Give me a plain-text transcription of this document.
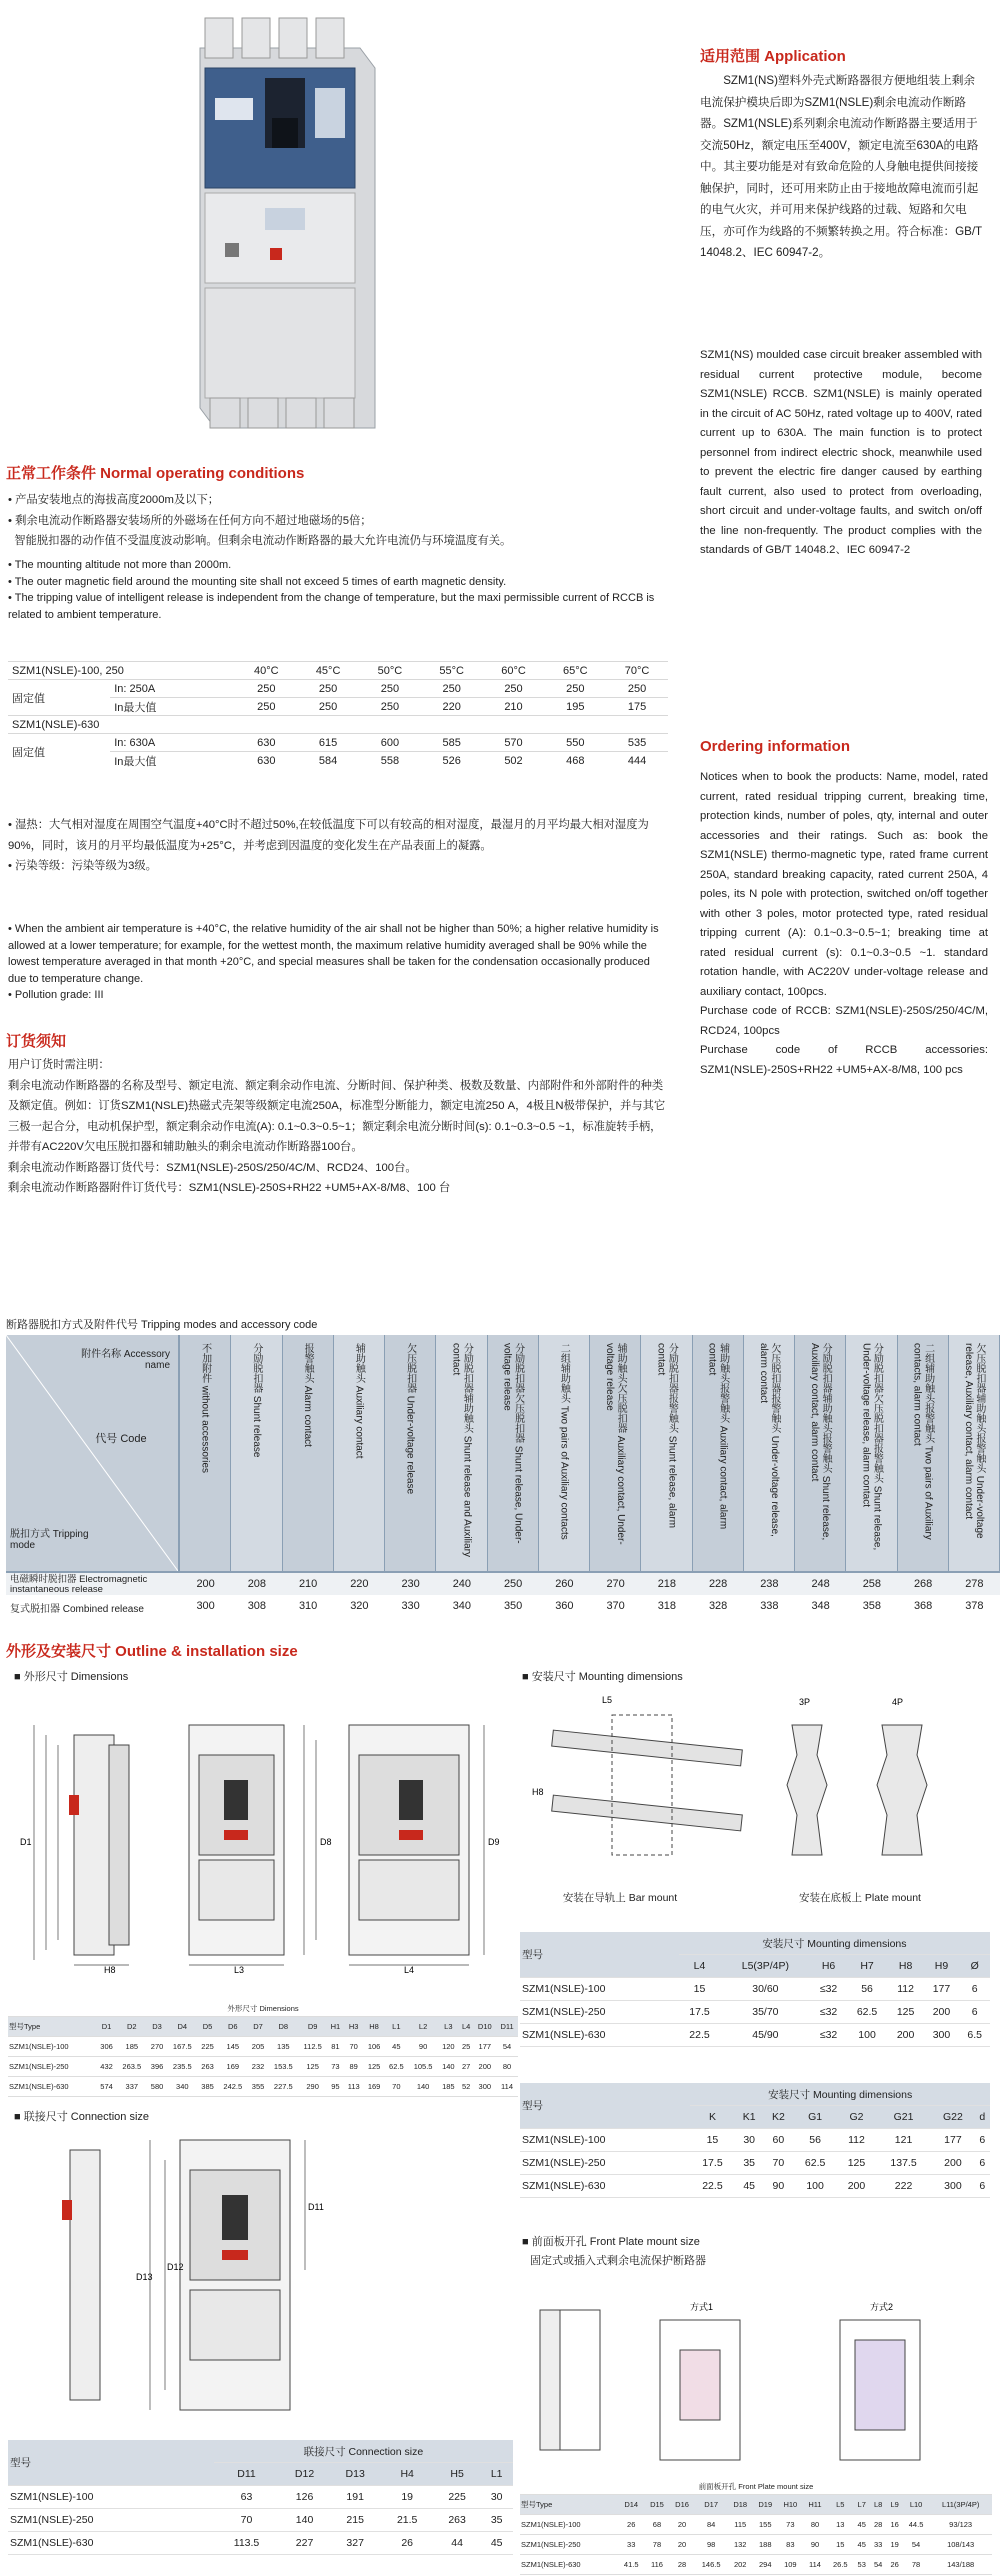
适用范围 Application
SZM1(NS)塑料外壳式断路器很方便地组装上剩余电流保护模块后即为SZM1(NSLE)剩余电流动作断路器。SZM1(NSLE)系列剩余电流动作断路器主要适用于交流50Hz，额定电压至400V，额定电流至630A的电路中。其主要功能是对有致命危险的人身触电提供间接接触保护，同时，还可用来防止由于接地故障电流而引起的电气火灾，并可用来保护线路的过载、短路和欠电压，亦可作为线路的不频繁转换之用。符合标准：GB/T 14048.2、IEC 60947-2。
SZM1(NS) moulded case circuit breaker assembled with residual current protective module, become SZM1(NSLE) RCCB. SZM1(NSLE) is mainly operated in the circuit of AC 50Hz, rated voltage up to 400V, rated current up to 630A. The main function is to protect personnel from indirect electric shock, meanwhile used to prevent the electric fire danger caused by earthing fault current, also used to protect from overloading, short circuit and under-voltage faults, and switch on/off the line non-frequently. The product complies with the standards of GB/T 14048.2、IEC 60947-2
正常工作条件 Normal operating conditions
• 产品安装地点的海拔高度2000m及以下；
• 剩余电流动作断路器安装场所的外磁场在任何方向不超过地磁场的5倍；
智能脱扣器的动作值不受温度波动影响。但剩余电流动作断路器的最大允许电流仍与环境温度有关。
• The mounting altitude not more than 2000m.
• The outer magnetic field around the mounting site shall not exceed 5 times of earth magnetic density.
• The tripping value of intelligent release is independent from the change of temperature, but the maxi permissible current of RCCB is related to ambient temperature.
SZM1(NSLE)-100, 250		40°C	45°C	50°C	55°C	60°C	65°C	70°C
固定值	In: 250A	250	250	250	250	250	250	250
	In最大值	250	250	250	220	210	195	175
SZM1(NSLE)-630								
固定值	In: 630A	630	615	600	585	570	550	535
	In最大值	630	584	558	526	502	468	444
• 湿热：大气相对湿度在周围空气温度+40°C时不超过50%,在较低温度下可以有较高的相对湿度，最湿月的月平均最大相对湿度为90%，同时，该月的月平均最低温度为+25°C，并考虑到因温度的变化发生在产品表面上的凝露。
• 污染等级：污染等级为3级。
• When the ambient air temperature is +40°C, the relative humidity of the air shall not be higher than 50%; a higher relative humidity is allowed at a lower temperature; for example, for the wettest month, the maximum relative humidity averaged shall be 90% while the lowest temperature averaged in that month +20°C, and special measures shall be taken for the condensation occasionally produced due to temperature change.
• Pollution grade: III
订货须知
用户订货时需注明：
剩余电流动作断路器的名称及型号、额定电流、额定剩余动作电流、分断时间、保护种类、极数及数量、内部附件和外部附件的种类及额定值。例如：订货SZM1(NSLE)热磁式壳架等级额定电流250A，标准型分断能力，额定电流250 A，4极且N极带保护，并与其它三极一起合分，电动机保护型，额定剩余动作电流(A): 0.1~0.3~0.5~1；额定剩余电流分断时间(s): 0.1~0.3~0.5 ~1，标准旋转手柄，并带有AC220V欠电压脱扣器和辅助触头的剩余电流动作断路器100台。
剩余电流动作断路器订货代号：SZM1(NSLE)-250S/250/4C/M、RCD24、100台。
剩余电流动作断路器附件订货代号：SZM1(NSLE)-250S+RH22 +UM5+AX-8/M8、100 台
Ordering information
Notices when to book the products: Name, model, rated current, rated residual tripping current, breaking time, protection kinds, number of poles, qty, internal and outer accessories and their ratings. Such as: book the SZM1(NSLE) thermo-magnetic type, rated frame current 250A, standard breaking capacity, rated current 250A, 4 poles, its N pole with protection, switched on/off together with other 3 poles, motor protected type, rated residual tripping current (A): 0.1~0.3~0.5~1; breaking time at rated residual current (s): 0.1~0.3~0.5 ~1. standard rotation handle, with AC220V under-voltage release and auxiliary contact, 100pcs.
Purchase code of RCCB: SZM1(NSLE)-250S/250/4C/M, RCD24, 100pcs
Purchase code of RCCB accessories: SZM1(NSLE)-250S+RH22 +UM5+AX-8/M8, 100 pcs
断路器脱扣方式及附件代号 Tripping modes and accessory code
附件名称 Accessory name
代号 Code
脱扣方式 Tripping mode
不加附件 without accessories	分励脱扣器 Shunt release	报警触头 Alarm contact	辅助触头 Auxiliary contact	欠压脱扣器 Under-voltage release	分励脱扣器辅助触头 Shunt release and Auxiliary contact	分励脱扣器欠压脱扣器 Shunt release, Under-voltage release	二组辅助触头 Two pairs of Auxiliary contacts	辅助触头欠压脱扣器 Auxiliary contact, Under-voltage release	分励脱扣器报警触头 Shunt release, alarm contact	辅助触头报警触头 Auxiliary contact, alarm contact	欠压脱扣器报警触头 Under-voltage release, alarm contact	分励脱扣器辅助触头报警触头 Shunt release, Auxiliary contact, alarm contact	分励脱扣器欠压脱扣器报警触头 Shunt release, Under-voltage release, alarm contact	二组辅助触头报警触头 Two pairs of Auxiliary contacts, alarm contact	欠压脱扣器辅助触头报警触头 Under-voltage release, Auxiliary contact, alarm contact
电磁瞬时脱扣器 Electromagnetic instantaneous release	200	208	210	220	230	240	250	260	270	218	228	238	248	258	268	278
复式脱扣器 Combined release	300	308	310	320	330	340	350	360	370	318	328	338	348	358	368	378
外形及安装尺寸 Outline & installation size
■ 外形尺寸 Dimensions	■ 安装尺寸 Mounting dimensions
D1
H8	L3	L4
D8	D9
外形尺寸 Dimensions																		
型号Type	D1	D2	D3	D4	D5	D6	D7	D8	D9	H1	H3	H8	L1	L2	L3	L4	D10	D11
SZM1(NSLE)-100	306	185	270	167.5	225	145	205	135	112.5	81	70	106	45	90	120	25	177	54
SZM1(NSLE)-250	432	263.5	396	235.5	263	169	232	153.5	125	73	89	125	62.5	105.5	140	27	200	80
SZM1(NSLE)-630	574	337	580	340	385	242.5	355	227.5	290	95	113	169	70	140	185	52	300	114
H8
L5	3P	4P
安装在导轨上 Bar mount	安装在底板上 Plate mount
型号	安装尺寸 Mounting dimensions						
	L4	L5(3P/4P)	H6	H7	H8	H9	Ø
SZM1(NSLE)-100	15	30/60	≤32	56	112	177	6
SZM1(NSLE)-250	17.5	35/70	≤32	62.5	125	200	6
SZM1(NSLE)-630	22.5	45/90	≤32	100	200	300	6.5
型号	安装尺寸 Mounting dimensions							
	K	K1	K2	G1	G2	G21	G22	d
SZM1(NSLE)-100	15	30	60	56	112	121	177	6
SZM1(NSLE)-250	17.5	35	70	62.5	125	137.5	200	6
SZM1(NSLE)-630	22.5	45	90	100	200	222	300	6
■ 联接尺寸 Connection size
D13
D12
D11
型号	联接尺寸 Connection size					
	D11	D12	D13	H4	H5	L1
SZM1(NSLE)-100	63	126	191	19	225	30
SZM1(NSLE)-250	70	140	215	21.5	263	35
SZM1(NSLE)-630	113.5	227	327	26	44	45
■ 前面板开孔 Front Plate mount size
固定式或插入式剩余电流保护断路器
方式1	方式2
前面板开孔 Front Plate mount size														
型号Type	D14	D15	D16	D17	D18	D19	H10	H11	L5	L7	L8	L9	L10	L11(3P/4P)
SZM1(NSLE)-100	26	68	20	84	115	155	73	80	13	45	28	16	44.5	93/123
SZM1(NSLE)-250	33	78	20	98	132	188	83	90	15	45	33	19	54	108/143
SZM1(NSLE)-630	41.5	116	28	146.5	202	294	109	114	26.5	53	54	26	78	143/188
